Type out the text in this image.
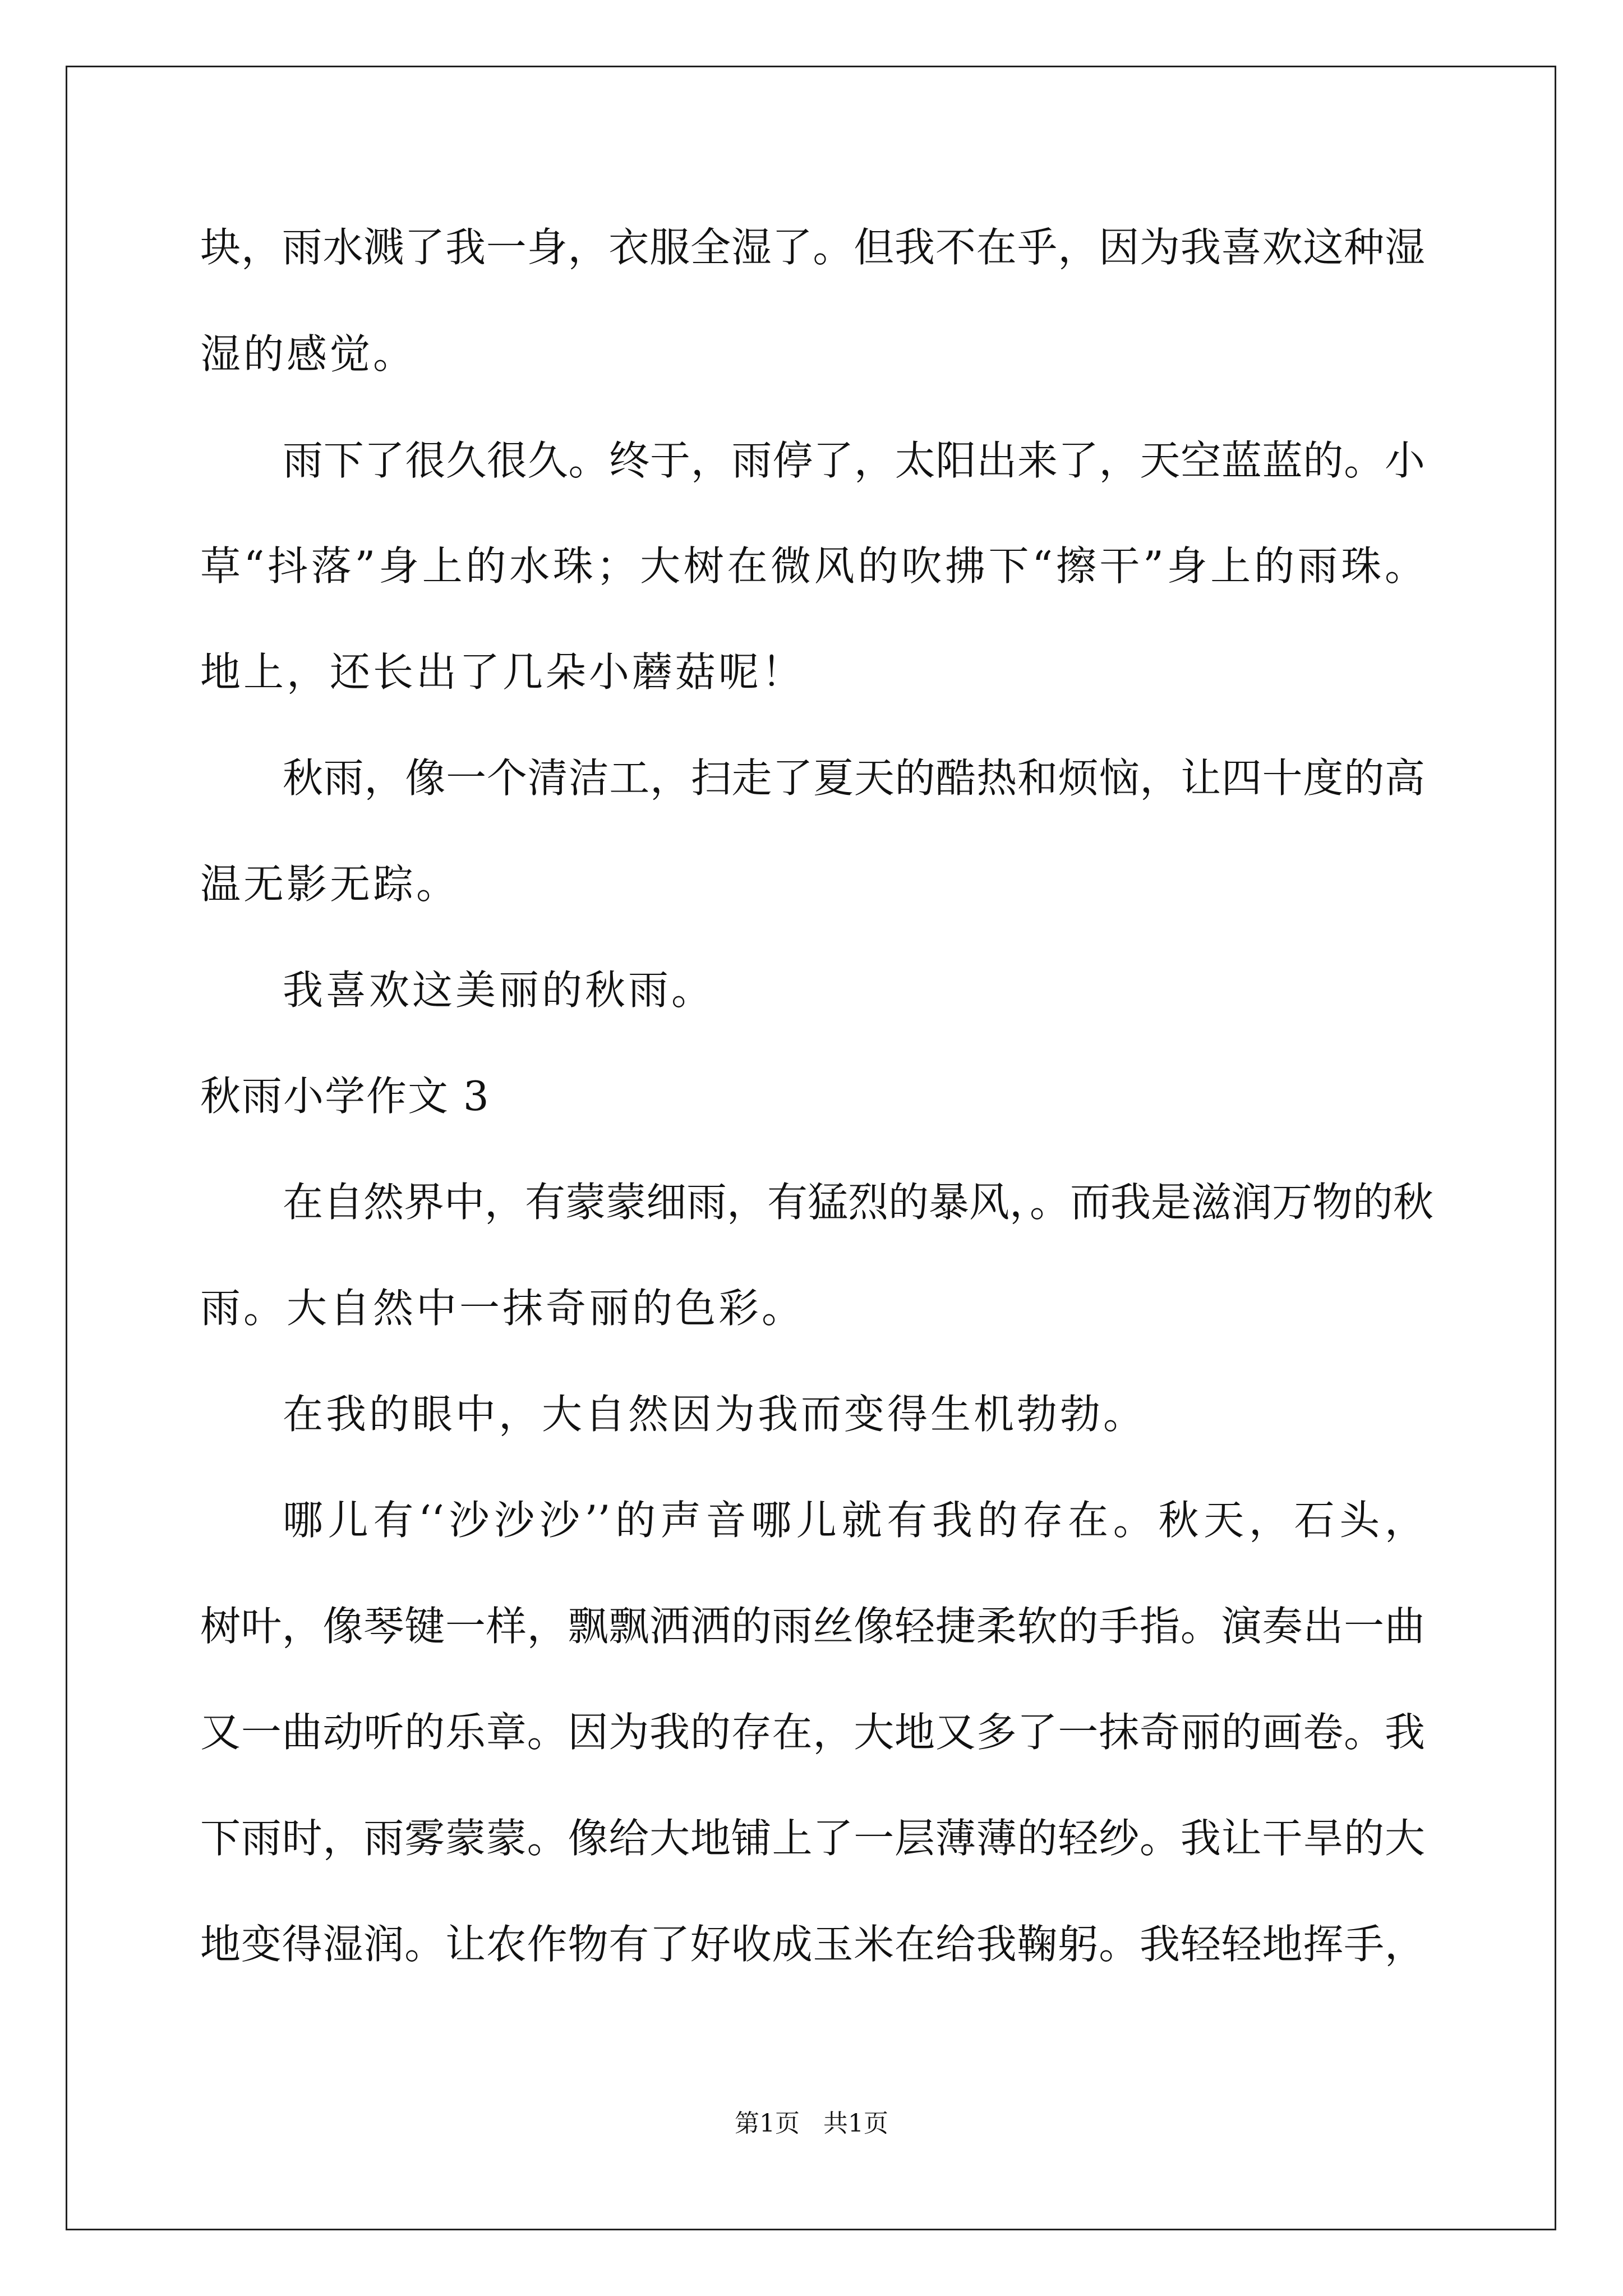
块，雨水溅了我一身，衣服全湿了。但我不在乎，因为我喜欢这种湿
湿的感觉。
雨下了很久很久。终于，雨停了，太阳出来了，天空蓝蓝的。小
草“抖落”身上的水珠；大树在微风的吹拂下“擦干”身上的雨珠。
地上，还长出了几朵小蘑菇呢！
秋雨，像一个清洁工，扫走了夏天的酷热和烦恼，让四十度的高
温无影无踪。
我喜欢这美丽的秋雨。
秋雨小学作文 3
在自然界中，有蒙蒙细雨，有猛烈的暴风，。而我是滋润万物的秋
雨。大自然中一抹奇丽的色彩。
在我的眼中，大自然因为我而变得生机勃勃。
哪儿有‘‘沙沙沙’’的声音哪儿就有我的存在。秋天，石头，
树叶，像琴键一样，飘飘洒洒的雨丝像轻捷柔软的手指。演奏出一曲
又一曲动听的乐章。因为我的存在，大地又多了一抹奇丽的画卷。我
下雨时，雨雾蒙蒙。像给大地铺上了一层薄薄的轻纱。我让干旱的大
地变得湿润。让农作物有了好收成玉米在给我鞠躬。我轻轻地挥手，
第1页   共1页
